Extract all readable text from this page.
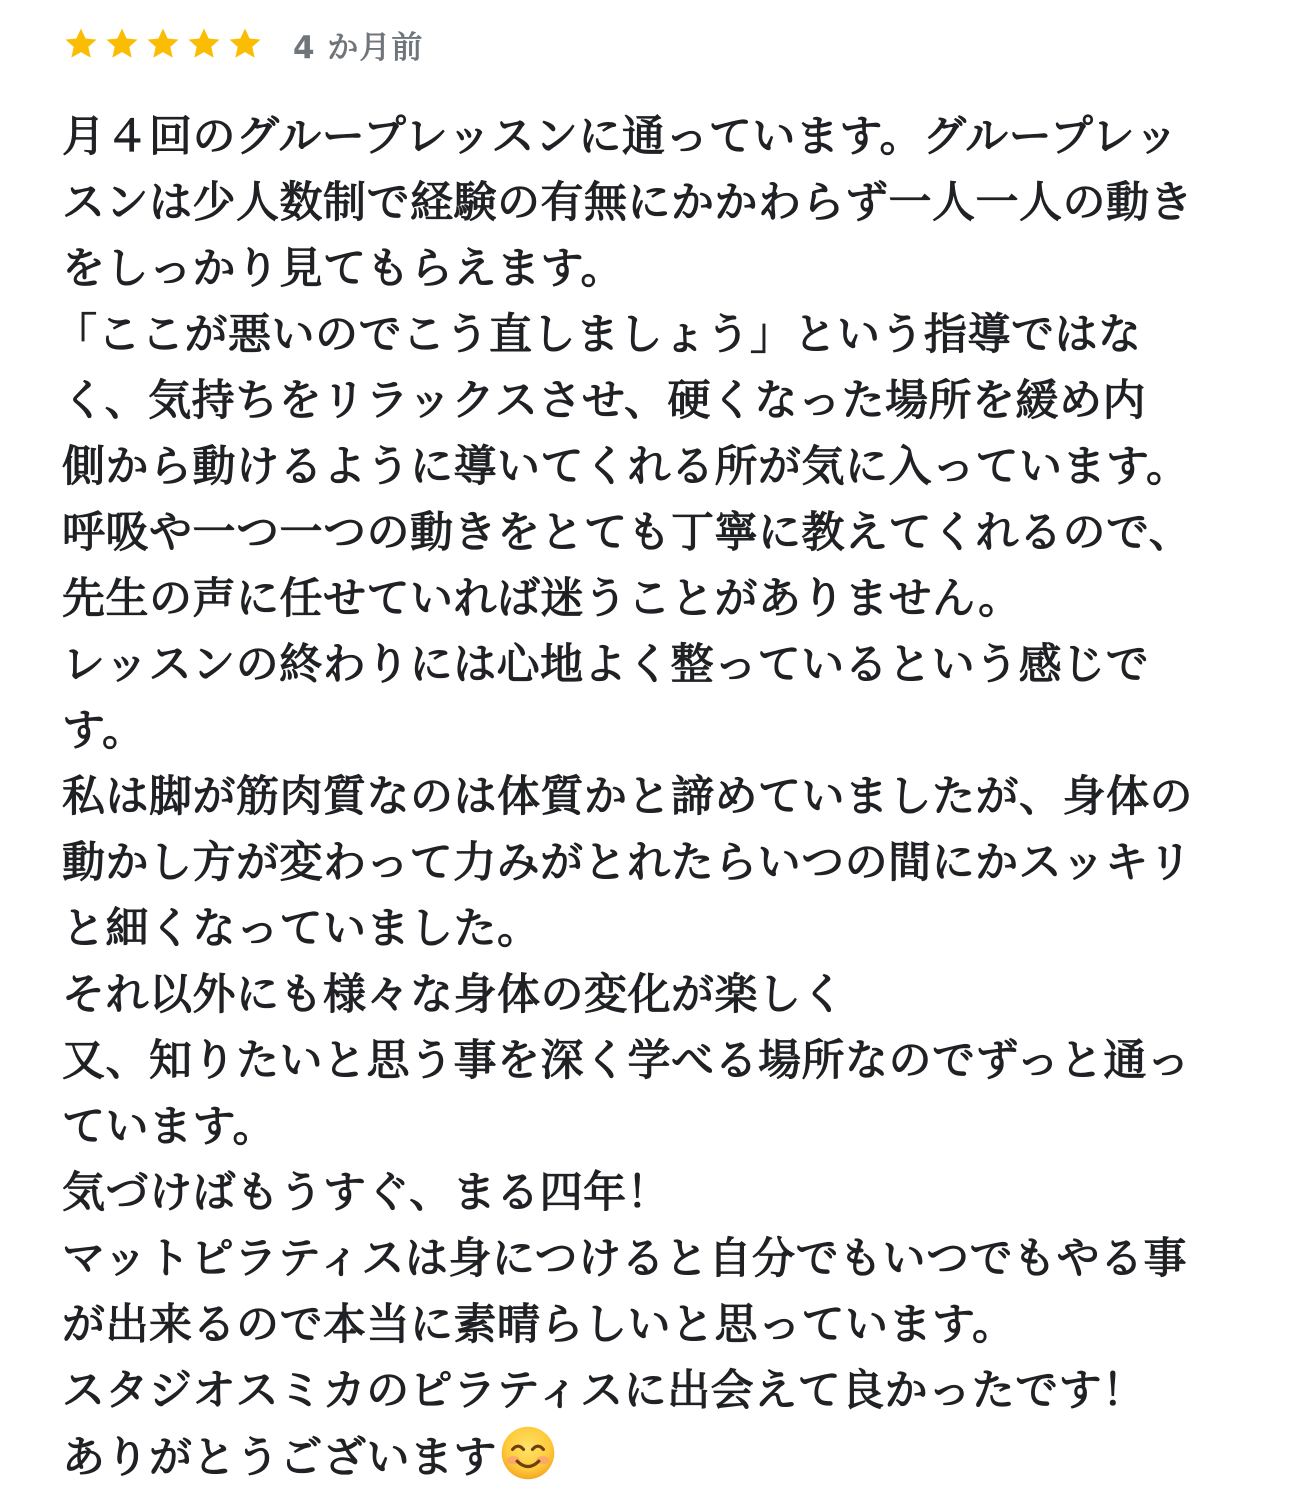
4 か月前
月４回のグループレッスンに通っています。グループレッ
スンは少人数制で経験の有無にかかわらず一人一人の動き
をしっかり見てもらえます。
「ここが悪いのでこう直しましょう」という指導ではな
く、気持ちをリラックスさせ、硬くなった場所を緩め内
側から動けるように導いてくれる所が気に入っています。
呼吸や一つ一つの動きをとても丁寧に教えてくれるので、
先生の声に任せていれば迷うことがありません。
レッスンの終わりには心地よく整っているという感じで
す。
私は脚が筋肉質なのは体質かと諦めていましたが、身体の
動かし方が変わって力みがとれたらいつの間にかスッキリ
と細くなっていました。
それ以外にも様々な身体の変化が楽しく
又、知りたいと思う事を深く学べる場所なのでずっと通っ
ています。
気づけばもうすぐ、まる四年！
マットピラティスは身につけると自分でもいつでもやる事
が出来るので本当に素晴らしいと思っています。
スタジオスミカのピラティスに出会えて良かったです！
ありがとうございます
